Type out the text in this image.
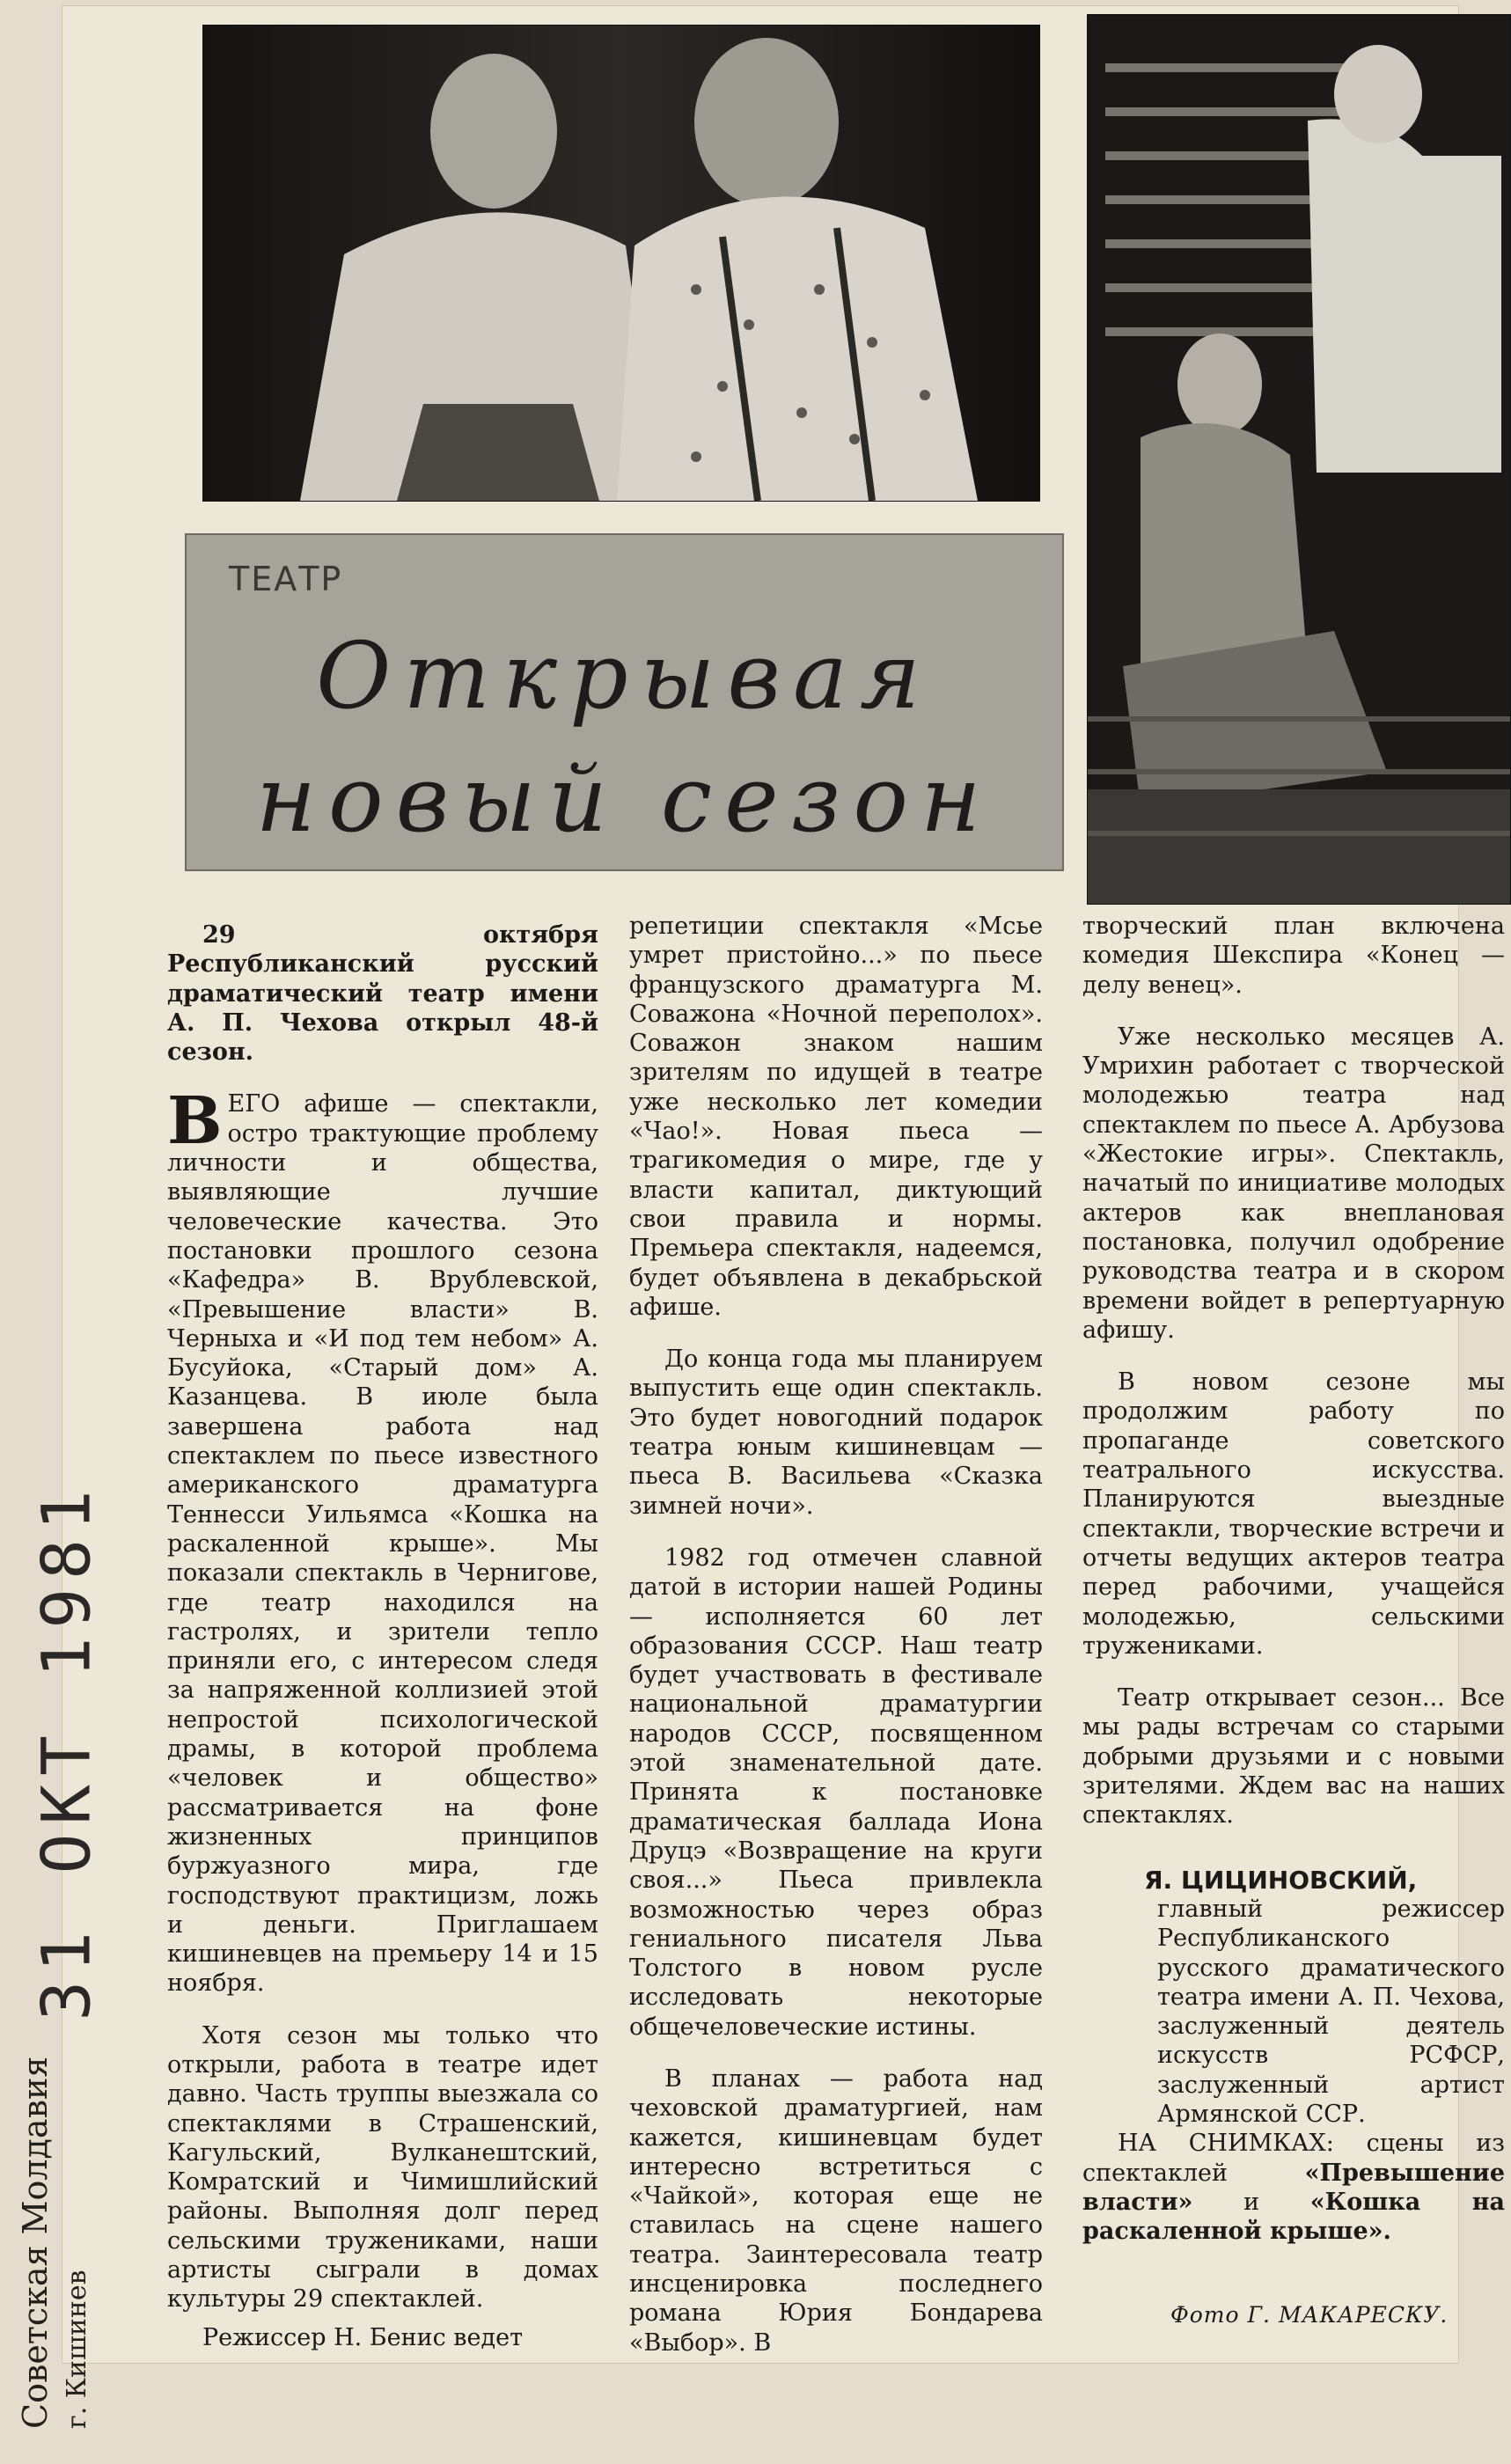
ТЕАТР
Открывая
новый сезон

29 октября Республиканский русский драматический театр имени А. П. Чехова открыл 48-й сезон.

ВЕГО афише — спектакли, остро трактующие проблему личности и общества, выявляющие лучшие человеческие качества. Это постановки прошлого сезона «Кафедра» В. Врублевской, «Превышение власти» В. Черныха и «И под тем небом» А. Бусуйока, «Старый дом» А. Казанцева. В июле была завершена работа над спектаклем по пьесе известного американского драматурга Теннесси Уильямса «Кошка на раскаленной крыше». Мы показали спектакль в Чернигове, где театр находился на гастролях, и зрители тепло приняли его, с интересом следя за напряженной коллизией этой непростой психологической драмы, в которой проблема «человек и общество» рассматривается на фоне жизненных принципов буржуазного мира, где господствуют практицизм, ложь и деньги. Приглашаем кишиневцев на премьеру 14 и 15 ноября.

Хотя сезон мы только что открыли, работа в театре идет давно. Часть труппы выезжала со спектаклями в Страшенский, Кагульский, Вулканештский, Комратский и Чимишлийский районы. Выполняя долг перед сельскими тружениками, наши артисты сыграли в домах культуры 29 спектаклей.

Режиссер Н. Бенис ведет

репетиции спектакля «Мсье умрет пристойно...» по пьесе французского драматурга М. Соважона «Ночной переполох». Соважон знаком нашим зрителям по идущей в театре уже несколько лет комедии «Чао!». Новая пьеса — трагикомедия о мире, где у власти капитал, диктующий свои правила и нормы. Премьера спектакля, надеемся, будет объявлена в декабрьской афише.

До конца года мы планируем выпустить еще один спектакль. Это будет новогодний подарок театра юным кишиневцам — пьеса В. Васильева «Сказка зимней ночи».

1982 год отмечен славной датой в истории нашей Родины — исполняется 60 лет образования СССР. Наш театр будет участвовать в фестивале национальной драматургии народов СССР, посвященном этой знаменательной дате. Принята к постановке драматическая баллада Иона Друцэ «Возвращение на круги своя...» Пьеса привлекла возможностью через образ гениального писателя Льва Толстого в новом русле исследовать некоторые общечеловеческие истины.

В планах — работа над чеховской драматургией, нам кажется, кишиневцам будет интересно встретиться с «Чайкой», которая еще не ставилась на сцене нашего театра. Заинтересовала театр инсценировка последнего романа Юрия Бондарева «Выбор». В

творческий план включена комедия Шекспира «Конец — делу венец».

Уже несколько месяцев А. Умрихин работает с творческой молодежью театра над спектаклем по пьесе А. Арбузова «Жестокие игры». Спектакль, начатый по инициативе молодых актеров как внеплановая постановка, получил одобрение руководства театра и в скором времени войдет в репертуарную афишу.

В новом сезоне мы продолжим работу по пропаганде советского театрального искусства. Планируются выездные спектакли, творческие встречи и отчеты ведущих актеров театра перед рабочими, учащейся молодежью, сельскими тружениками.

Театр открывает сезон... Все мы рады встречам со старыми добрыми друзьями и с новыми зрителями. Ждем вас на наших спектаклях.

Я. ЦИЦИНОВСКИЙ,
главный режиссер Республиканского русского драматического театра имени А. П. Чехова, заслуженный деятель искусств РСФСР, заслуженный артист Армянской ССР.

НА СНИМКАХ: сцены из спектаклей «Превышение власти» и «Кошка на раскаленной крыше».

Фото Г. МАКАРЕСКУ.
31 ОКТ 1981
Советская Молдавия г. Кишинев
